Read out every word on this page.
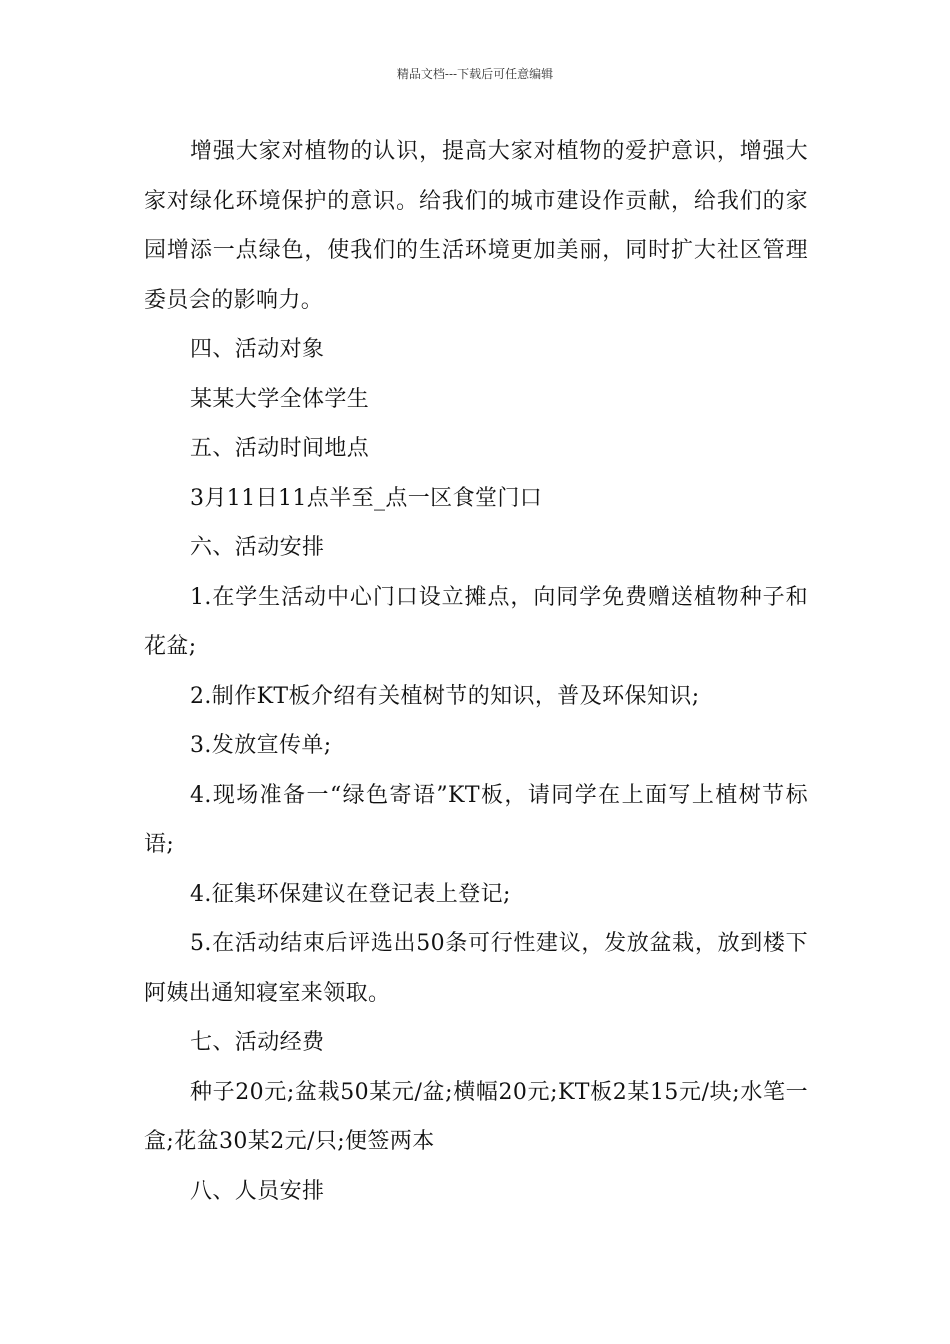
精品文档---下载后可任意编辑

增强大家对植物的认识，提高大家对植物的爱护意识，增强大家对绿化环境保护的意识。给我们的城市建设作贡献，给我们的家园增添一点绿色，使我们的生活环境更加美丽，同时扩大社区管理委员会的影响力。

四、活动对象

某某大学全体学生

五、活动时间地点

3月11日11点半至_点一区食堂门口

六、活动安排

1.在学生活动中心门口设立摊点，向同学免费赠送植物种子和花盆;

2.制作KT板介绍有关植树节的知识，普及环保知识;

3.发放宣传单;

4.现场准备一“绿色寄语”KT板，请同学在上面写上植树节标语;

4.征集环保建议在登记表上登记;

5.在活动结束后评选出50条可行性建议，发放盆栽，放到楼下阿姨出通知寝室来领取。

七、活动经费

种子20元;盆栽50某元/盆;横幅20元;KT板2某15元/块;水笔一盒;花盆30某2元/只;便签两本

八、人员安排
